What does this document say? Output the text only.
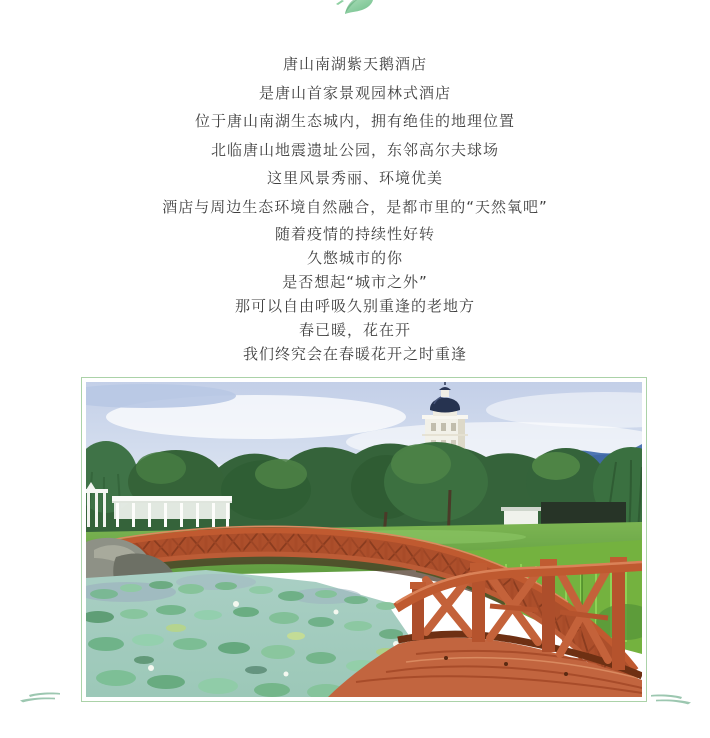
唐山南湖紫天鹅酒店

是唐山首家景观园林式酒店

位于唐山南湖生态城内，拥有绝佳的地理位置

北临唐山地震遗址公园，东邻高尔夫球场

这里风景秀丽、环境优美

酒店与周边生态环境自然融合，是都市里的“天然氧吧”

随着疫情的持续性好转

久憋城市的你

是否想起“城市之外”

那可以自由呼吸久别重逢的老地方

春已暖，花在开

我们终究会在春暖花开之时重逢
